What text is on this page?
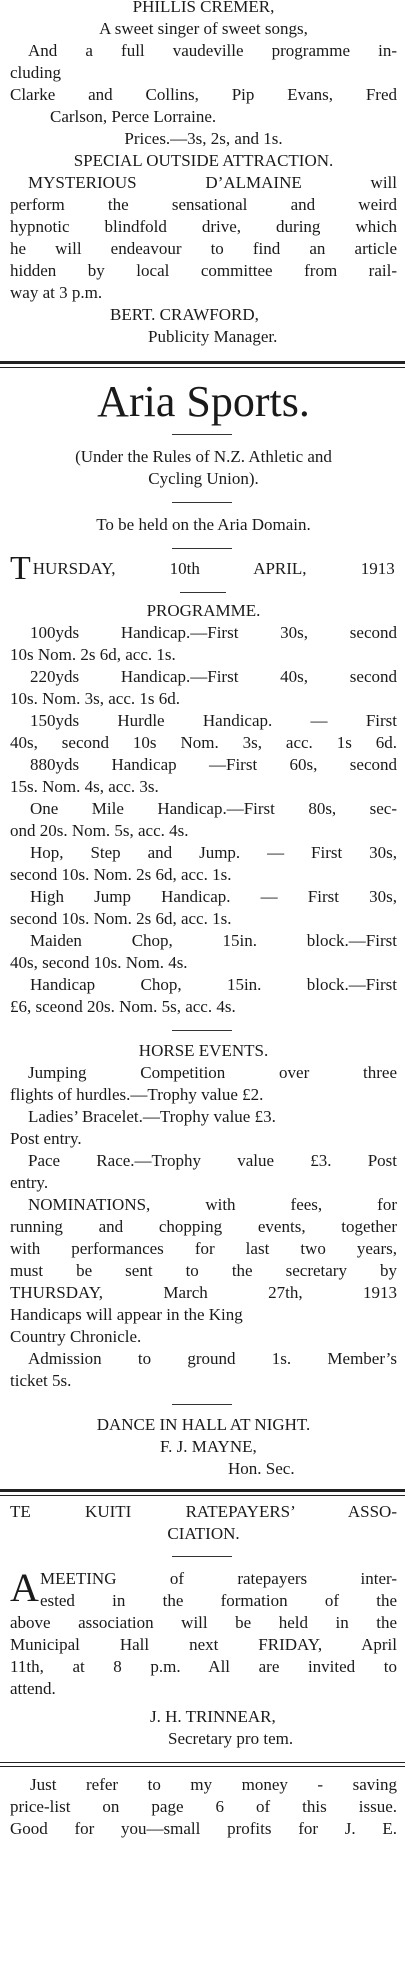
PHILLIS CREMER,
A sweet singer of sweet songs,
And a full vaudeville programme in-
cluding
Clarke and Collins, Pip Evans, Fred
Carlson, Perce Lorraine.
Prices.—3s, 2s, and 1s.
SPECIAL OUTSIDE ATTRACTION.
MYSTERIOUS D’ALMAINE will
perform the sensational and weird
hypnotic blindfold drive, during which
he will endeavour to find an article
hidden by local committee from rail-
way at 3 p.m.
BERT. CRAWFORD,
Publicity Manager.
Aria Sports.
(Under the Rules of N.Z. Athletic and
Cycling Union).
To be held on the Aria Domain.
T HURSDAY, 10th APRIL, 1913
PROGRAMME.
100yds Handicap.—First 30s, second
10s Nom. 2s 6d, acc. 1s.
220yds Handicap.—First 40s, second
10s. Nom. 3s, acc. 1s 6d.
150yds Hurdle Handicap. — First
40s, second 10s Nom. 3s, acc. 1s 6d.
880yds Handicap —First 60s, second
15s. Nom. 4s, acc. 3s.
One Mile Handicap.—First 80s, sec-
ond 20s. Nom. 5s, acc. 4s.
Hop, Step and Jump. — First 30s,
second 10s. Nom. 2s 6d, acc. 1s.
High Jump Handicap. — First 30s,
second 10s. Nom. 2s 6d, acc. 1s.
Maiden Chop, 15in. block.—First
40s, second 10s. Nom. 4s.
Handicap Chop, 15in. block.—First
£6, sceond 20s. Nom. 5s, acc. 4s.
HORSE EVENTS.
Jumping Competition over three
flights of hurdles.—Trophy value £2.
Ladies’ Bracelet.—Trophy value £3.
Post entry.
Pace Race.—Trophy value £3. Post
entry.
NOMINATIONS, with fees, for
running and chopping events, together
with performances for last two years,
must be sent to the secretary by
THURSDAY, March 27th, 1913
Handicaps will appear in the King
Country Chronicle.
Admission to ground 1s. Member’s
ticket 5s.
DANCE IN HALL AT NIGHT.
F. J. MAYNE,
Hon. Sec.
TE KUITI RATEPAYERS’ ASSO-
CIATION.
A MEETING of ratepayers inter-
ested in the formation of the
above association will be held in the
Municipal Hall next FRIDAY, April
11th, at 8 p.m. All are invited to
attend.
J. H. TRINNEAR,
Secretary pro tem.
Just refer to my money - saving
price-list on page 6 of this issue.
Good for you—small profits for J. E.
